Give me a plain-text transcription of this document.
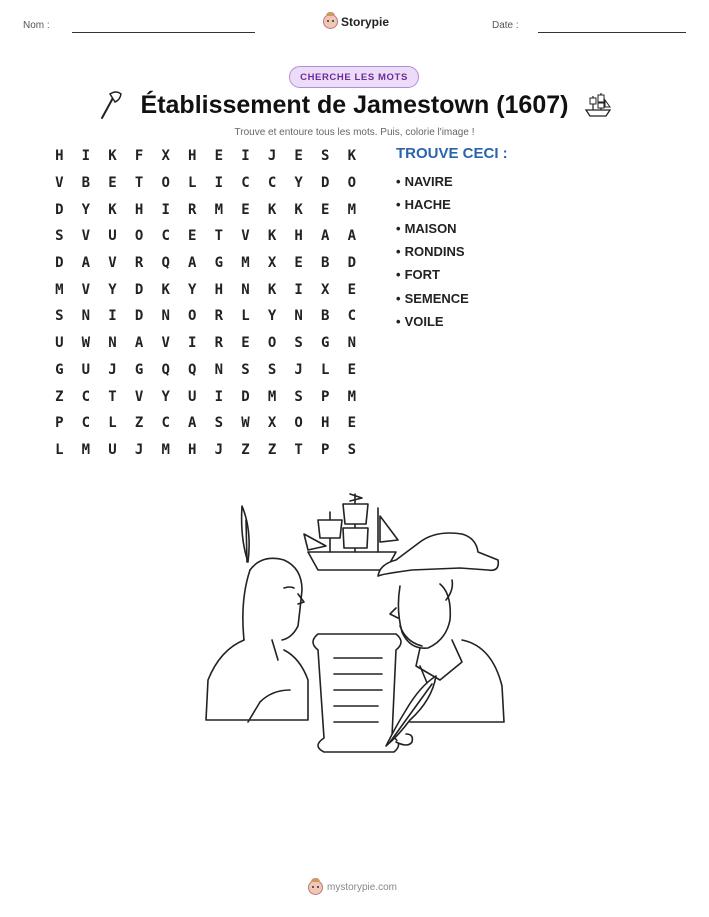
Nom :	Storypie	Date :
CHERCHE LES MOTS
Établissement de Jamestown (1607)
Trouve et entoure tous les mots. Puis, colorie l'image !
H	I	K	F	X	H	E	I	J	E	S	K
V	B	E	T	O	L	I	C	C	Y	D	O
D	Y	K	H	I	R	M	E	K	K	E	M
S	V	U	O	C	E	T	V	K	H	A	A
D	A	V	R	Q	A	G	M	X	E	B	D
M	V	Y	D	K	Y	H	N	K	I	X	E
S	N	I	D	N	O	R	L	Y	N	B	C
U	W	N	A	V	I	R	E	O	S	G	N
G	U	J	G	Q	Q	N	S	S	J	L	E
Z	C	T	V	Y	U	I	D	M	S	P	M
P	C	L	Z	C	A	S	W	X	O	H	E
L	M	U	J	M	H	J	Z	Z	T	P	S
TROUVE CECI :
• NAVIRE
• HACHE
• MAISON
• RONDINS
• FORT
• SEMENCE
• VOILE
mystorypie.com
